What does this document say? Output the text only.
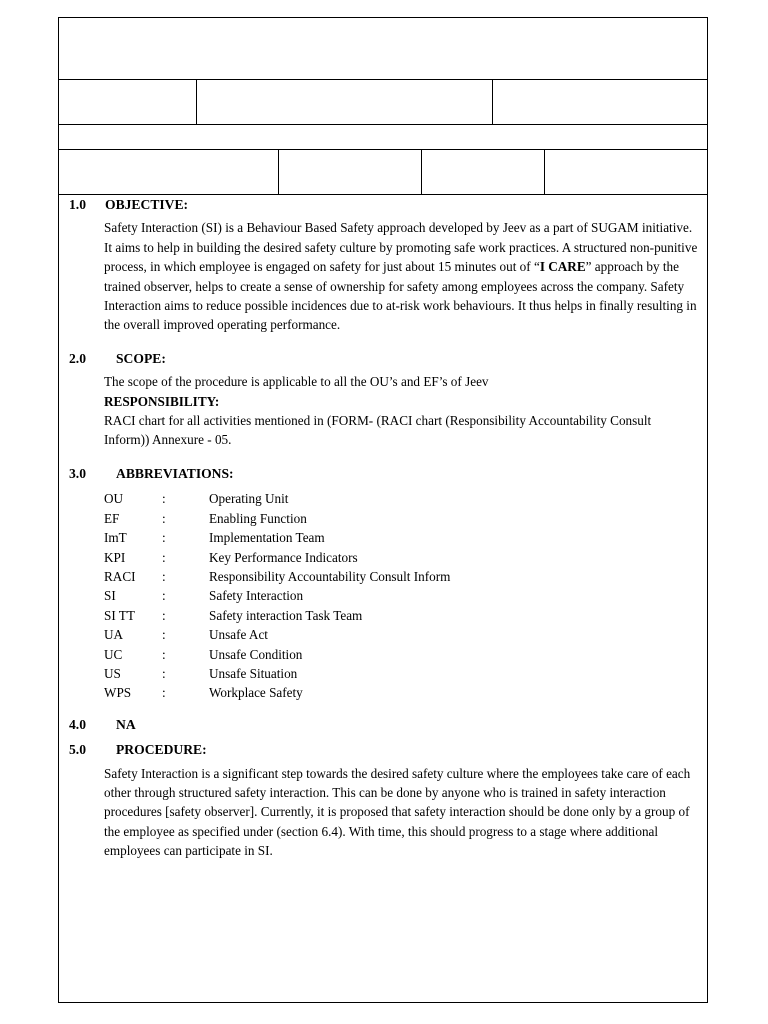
1.0	OBJECTIVE:

Safety Interaction (SI) is a Behaviour Based Safety approach developed by Jeev as a part of SUGAM initiative. It aims to help in building the desired safety culture by promoting safe work practices. A structured non-punitive process, in which employee is engaged on safety for just about 15 minutes out of “I CARE” approach by the trained observer, helps to create a sense of ownership for safety among employees across the company. Safety Interaction aims to reduce possible incidences due to at-risk work behaviours. It thus helps in finally resulting in the overall improved operating performance.

2.0	SCOPE:

The scope of the procedure is applicable to all the OU’s and EF’s of Jeev

RESPONSIBILITY:

RACI chart for all activities mentioned in (FORM- (RACI chart (Responsibility Accountability Consult Inform)) Annexure - 05.

3.0	ABBREVIATIONS:
OU	:	Operating Unit
EF	:	Enabling Function
ImT	:	Implementation Team
KPI	:	Key Performance Indicators
RACI	:	Responsibility Accountability Consult Inform
SI	:	Safety Interaction
SI TT	:	Safety interaction Task Team
UA	:	Unsafe Act
UC	:	Unsafe Condition
US	:	Unsafe Situation
WPS	:	Workplace Safety
4.0	NA
5.0	PROCEDURE:

Safety Interaction is a significant step towards the desired safety culture where the employees take care of each other through structured safety interaction. This can be done by anyone who is trained in safety interaction procedures [safety observer]. Currently, it is proposed that safety interaction should be done only by a group of the employee as specified under (section 6.4). With time, this should progress to a stage where additional employees can participate in SI.
